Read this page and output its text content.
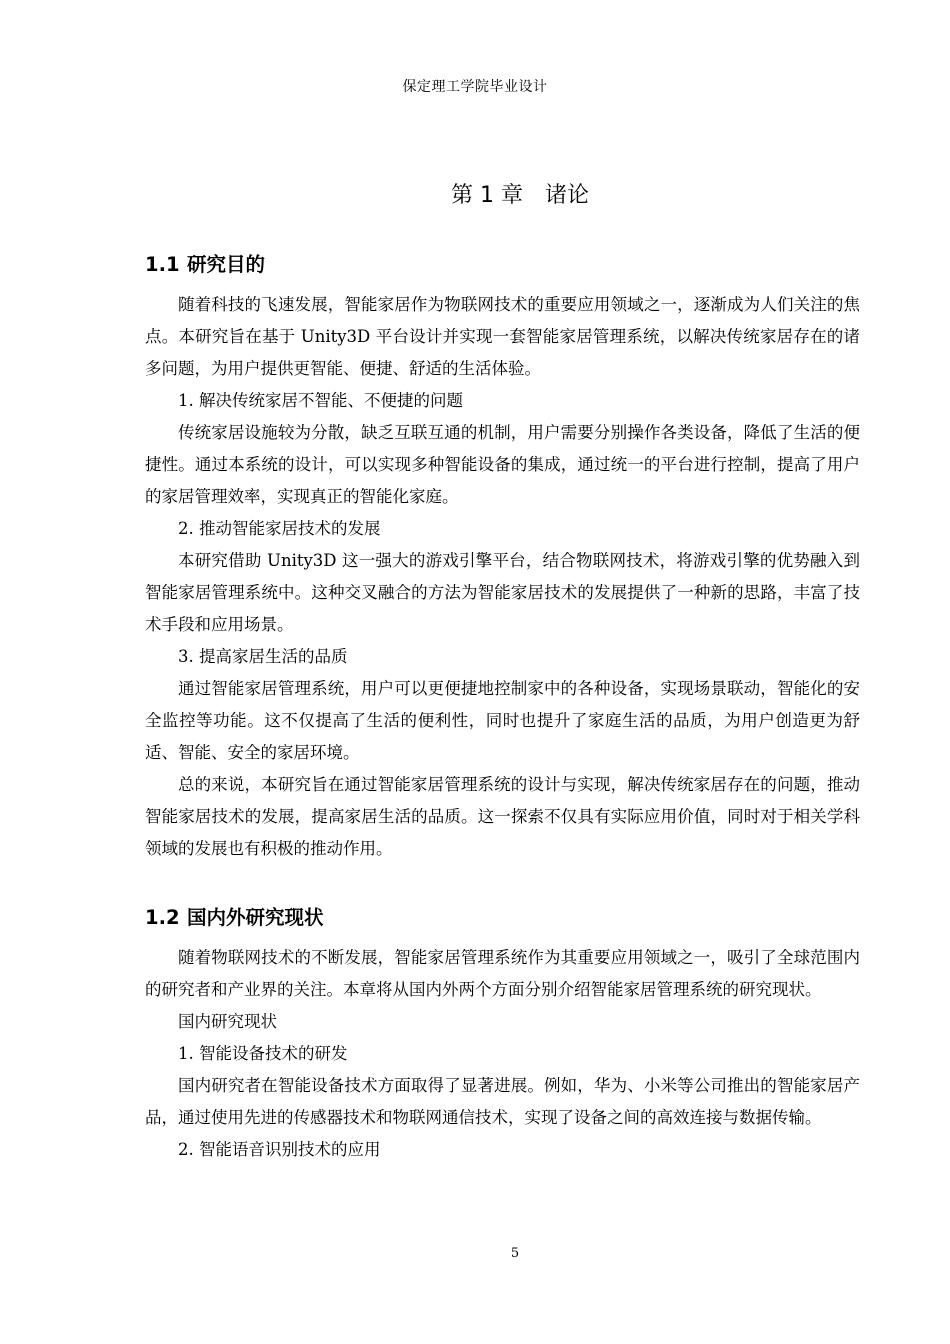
保定理工学院毕业设计
第 1 章 诸论
1.1 研究目的

随着科技的飞速发展，智能家居作为物联网技术的重要应用领域之一，逐渐成为人们关注的焦点。本研究旨在基于 Unity3D 平台设计并实现一套智能家居管理系统，以解决传统家居存在的诸多问题，为用户提供更智能、便捷、舒适的生活体验。

1. 解决传统家居不智能、不便捷的问题

传统家居设施较为分散，缺乏互联互通的机制，用户需要分别操作各类设备，降低了生活的便捷性。通过本系统的设计，可以实现多种智能设备的集成，通过统一的平台进行控制，提高了用户的家居管理效率，实现真正的智能化家庭。

2. 推动智能家居技术的发展

本研究借助 Unity3D 这一强大的游戏引擎平台，结合物联网技术，将游戏引擎的优势融入到智能家居管理系统中。这种交叉融合的方法为智能家居技术的发展提供了一种新的思路，丰富了技术手段和应用场景。

3. 提高家居生活的品质

通过智能家居管理系统，用户可以更便捷地控制家中的各种设备，实现场景联动，智能化的安全监控等功能。这不仅提高了生活的便利性，同时也提升了家庭生活的品质，为用户创造更为舒适、智能、安全的家居环境。

总的来说，本研究旨在通过智能家居管理系统的设计与实现，解决传统家居存在的问题，推动智能家居技术的发展，提高家居生活的品质。这一探索不仅具有实际应用价值，同时对于相关学科领域的发展也有积极的推动作用。

1.2 国内外研究现状

随着物联网技术的不断发展，智能家居管理系统作为其重要应用领域之一，吸引了全球范围内的研究者和产业界的关注。本章将从国内外两个方面分别介绍智能家居管理系统的研究现状。

国内研究现状

1. 智能设备技术的研发

国内研究者在智能设备技术方面取得了显著进展。例如，华为、小米等公司推出的智能家居产品，通过使用先进的传感器技术和物联网通信技术，实现了设备之间的高效连接与数据传输。

2. 智能语音识别技术的应用

5
